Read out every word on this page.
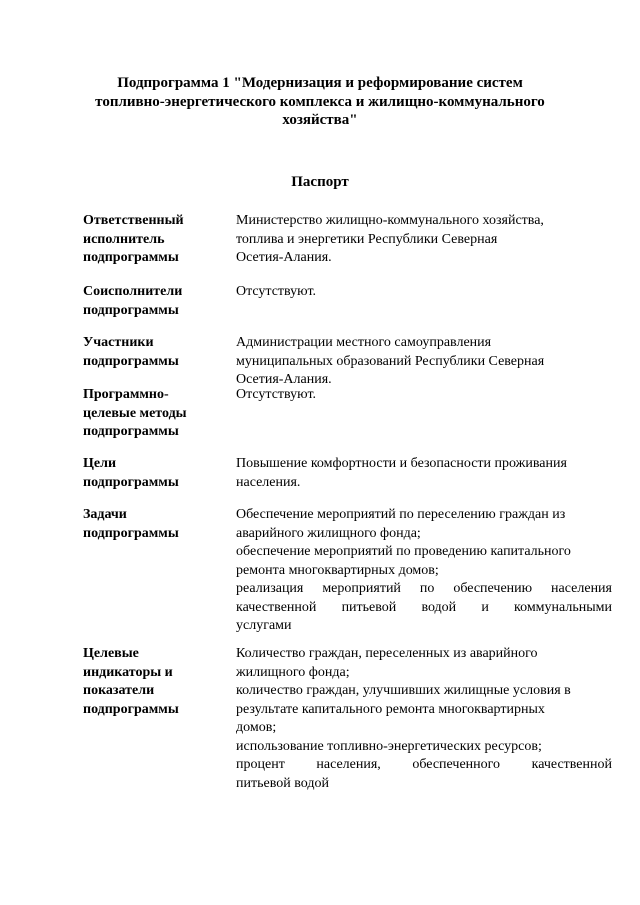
Подпрограмма 1 "Модернизация и реформирование систем
топливно-энергетического комплекса и жилищно-коммунального
хозяйства"
Паспорт
Ответственный
исполнитель
подпрограммы
Министерство жилищно-коммунального хозяйства,
топлива и энергетики Республики Северная
Осетия-Алания.
Соисполнители
подпрограммы
Отсутствуют.
Участники
подпрограммы
Администрации местного самоуправления
муниципальных образований Республики Северная
Осетия-Алания.
Программно-
целевые методы
подпрограммы
Отсутствуют.
Цели
подпрограммы
Повышение комфортности и безопасности проживания
населения.
Задачи
подпрограммы
Обеспечение мероприятий по переселению граждан из
аварийного жилищного фонда;
обеспечение мероприятий по проведению капитального
ремонта многоквартирных домов;
реализация мероприятий по обеспечению населения
качественной питьевой водой и коммунальными
услугами
Целевые
индикаторы и
показатели
подпрограммы
Количество граждан, переселенных из аварийного
жилищного фонда;
количество граждан, улучшивших жилищные условия в
результате капитального ремонта многоквартирных
домов;
использование топливно-энергетических ресурсов;
процент населения, обеспеченного качественной
питьевой водой
